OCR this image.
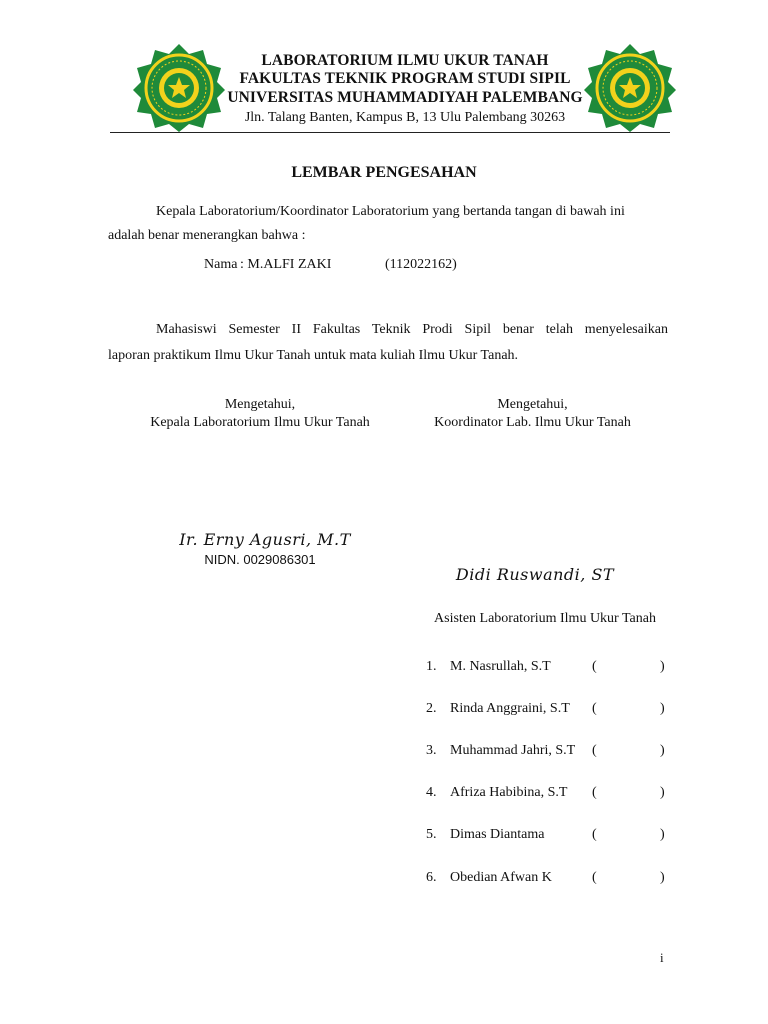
LABORATORIUM ILMU UKUR TANAH
FAKULTAS TEKNIK PROGRAM STUDI SIPIL
UNIVERSITAS MUHAMMADIYAH PALEMBANG
Jln. Talang Banten, Kampus B, 13 Ulu Palembang 30263
LEMBAR PENGESAHAN
Kepala Laboratorium/Koordinator Laboratorium yang bertanda tangan di bawah ini
adalah benar menerangkan bahwa :
Nama : M.ALFI ZAKI	(112022162)
Mahasiswi Semester II Fakultas Teknik Prodi Sipil benar telah menyelesaikan
laporan praktikum Ilmu Ukur Tanah untuk mata kuliah Ilmu Ukur Tanah.
Mengetahui,
Kepala Laboratorium Ilmu Ukur Tanah
Ir. Erny Agusri, M.T
NIDN. 0029086301
Mengetahui,
Koordinator Lab. Ilmu Ukur Tanah
Didi Ruswandi, ST
Asisten Laboratorium Ilmu Ukur Tanah
1. M. Nasrullah, S.T	(	)
2. Rinda Anggraini, S.T (	)
3. Muhammad Jahri, S.T (	)
4. Afriza Habibina, S.T (	)
5. Dimas Diantama	(	)
6. Obedian Afwan K	(	)
i
